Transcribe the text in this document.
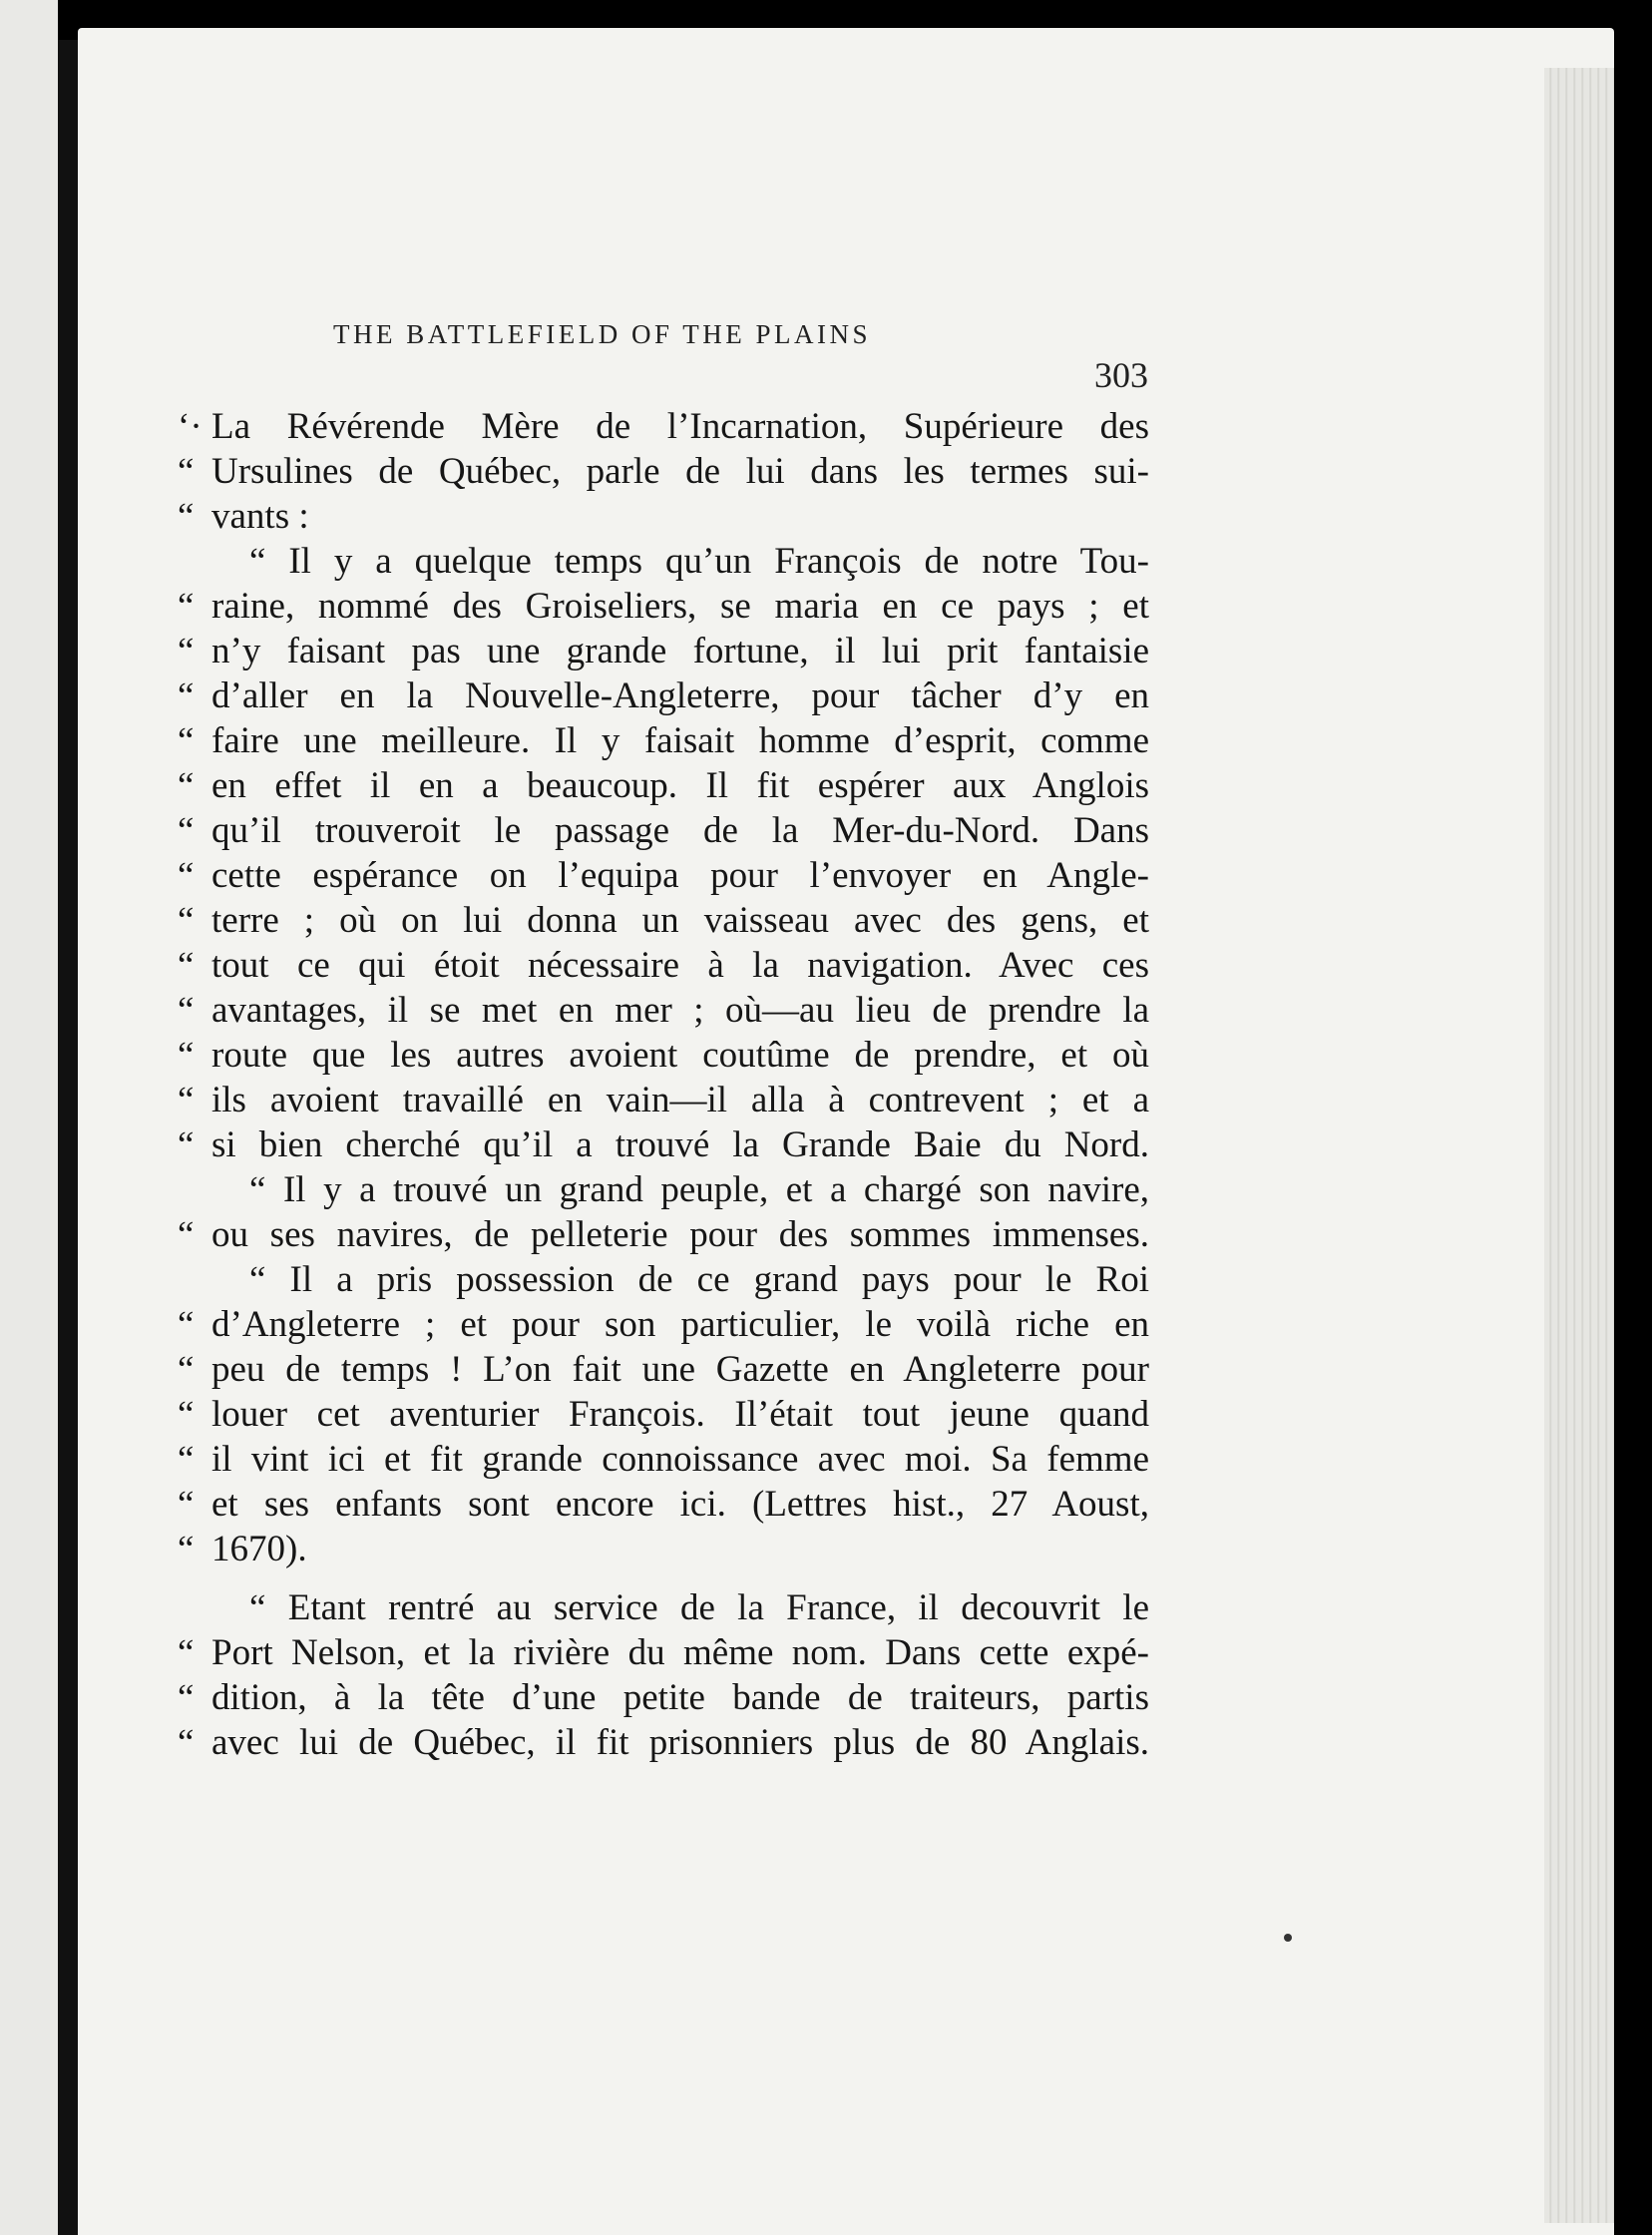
THE BATTLEFIELD OF THE PLAINS
303
‘· La Révérende Mère de l’Incarnation, Supérieure des
“ Ursulines de Québec, parle de lui dans les termes sui-
“ vants :
“ Il y a quelque temps qu’un François de notre Tou-
“ raine, nommé des Groiseliers, se maria en ce pays ; et
“ n’y faisant pas une grande fortune, il lui prit fantaisie
“ d’aller en la Nouvelle-Angleterre, pour tâcher d’y en
“ faire une meilleure. Il y faisait homme d’esprit, comme
“ en effet il en a beaucoup. Il fit espérer aux Anglois
“ qu’il trouveroit le passage de la Mer-du-Nord. Dans
“ cette espérance on l’equipa pour l’envoyer en Angle-
“ terre ; où on lui donna un vaisseau avec des gens, et
“ tout ce qui étoit nécessaire à la navigation. Avec ces
“ avantages, il se met en mer ; où—au lieu de prendre la
“ route que les autres avoient coutûme de prendre, et où
“ ils avoient travaillé en vain—il alla à contrevent ; et a
“ si bien cherché qu’il a trouvé la Grande Baie du Nord.
“ Il y a trouvé un grand peuple, et a chargé son navire,
“ ou ses navires, de pelleterie pour des sommes immenses.
“ Il a pris possession de ce grand pays pour le Roi
“ d’Angleterre ; et pour son particulier, le voilà riche en
“ peu de temps ! L’on fait une Gazette en Angleterre pour
“ louer cet aventurier François. Il’était tout jeune quand
“ il vint ici et fit grande connoissance avec moi. Sa femme
“ et ses enfants sont encore ici. (Lettres hist., 27 Aoust,
“ 1670).
“ Etant rentré au service de la France, il decouvrit le
“ Port Nelson, et la rivière du même nom. Dans cette expé-
“ dition, à la tête d’une petite bande de traiteurs, partis
“ avec lui de Québec, il fit prisonniers plus de 80 Anglais.
